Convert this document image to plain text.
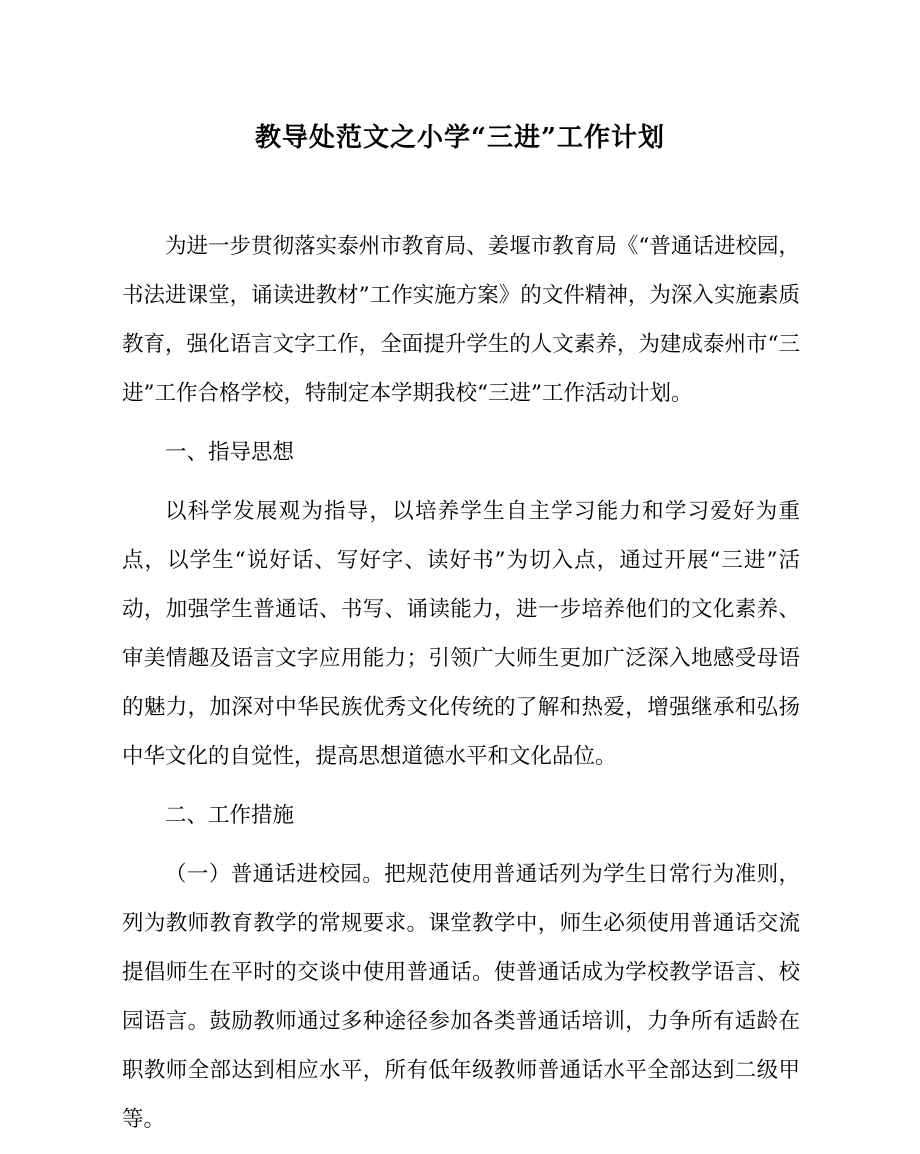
教导处范文之小学“三进”工作计划

为进一步贯彻落实泰州市教育局、姜堰市教育局《“普通话进校园，书法进课堂，诵读进教材”工作实施方案》的文件精神，为深入实施素质教育，强化语言文字工作，全面提升学生的人文素养，为建成泰州市“三进”工作合格学校，特制定本学期我校“三进”工作活动计划。

一、指导思想

以科学发展观为指导，以培养学生自主学习能力和学习爱好为重点，以学生“说好话、写好字、读好书”为切入点，通过开展“三进”活动，加强学生普通话、书写、诵读能力，进一步培养他们的文化素养、审美情趣及语言文字应用能力；引领广大师生更加广泛深入地感受母语的魅力，加深对中华民族优秀文化传统的了解和热爱，增强继承和弘扬中华文化的自觉性，提高思想道德水平和文化品位。

二、工作措施

（一）普通话进校园。把规范使用普通话列为学生日常行为准则，列为教师教育教学的常规要求。课堂教学中，师生必须使用普通话交流提倡师生在平时的交谈中使用普通话。使普通话成为学校教学语言、校园语言。鼓励教师通过多种途径参加各类普通话培训，力争所有适龄在职教师全部达到相应水平，所有低年级教师普通话水平全部达到二级甲等。
